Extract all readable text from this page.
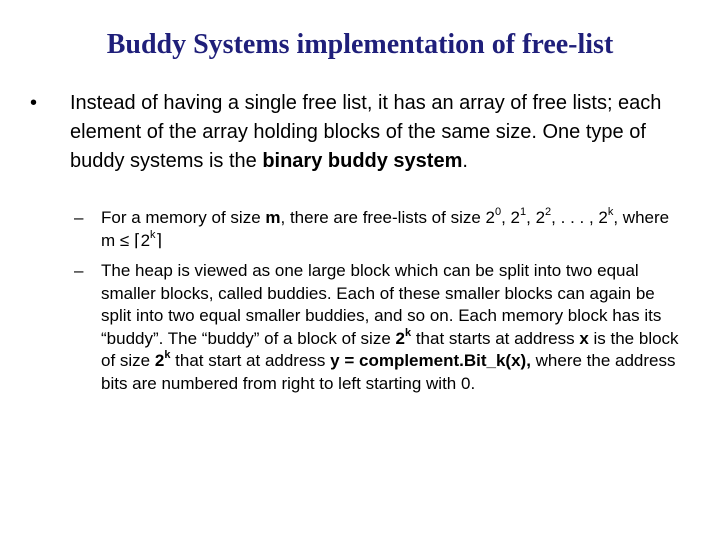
Buddy Systems implementation of free-list
• Instead of having a single free list, it has an array of free lists; each element of the array holding blocks of the same size. One type of buddy systems is the binary buddy system.
– For a memory of size m, there are free-lists of size $2^0$, $2^1$, $2^2$, . . . , 2$^k$, where $m \le ⌈2^k⌉$
– The heap is viewed as one large block which can be split into two equal smaller blocks, called buddies. Each of these smaller blocks can again be split into two equal smaller buddies, and so on. Each memory block has its “buddy”. The “buddy” of a block of size 2$^k$ that starts at address x is the block of size 2$^k$ that start at address y = complement.Bit_k(x), where the address bits are numbered from right to left starting with 0.
